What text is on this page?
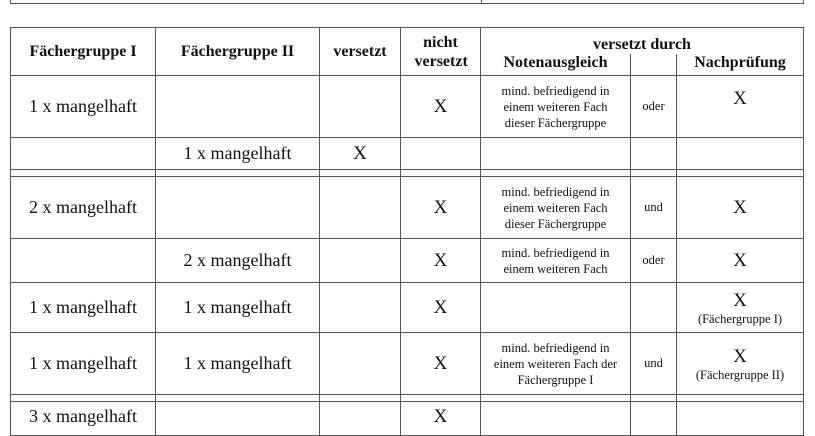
Fächergruppe I	Fächergruppe II	versetzt	nicht versetzt	versetzt durch		
				Notenausgleich		Nachprüfung
1 x mangelhaft			X	mind. befriedigend in einem weiteren Fach dieser Fächergruppe	oder	X

	1 x mangelhaft	X				

2 x mangelhaft			X	mind. befriedigend in einem weiteren Fach dieser Fächergruppe	und	X

	2 x mangelhaft		X	mind. befriedigend in einem weiteren Fach	oder	X

1 x mangelhaft	1 x mangelhaft		X			X
(Fächergruppe I)

1 x mangelhaft	1 x mangelhaft		X	mind. befriedigend in einem weiteren Fach der Fächergruppe I	und	X
(Fächergruppe II)

3 x mangelhaft			X			
